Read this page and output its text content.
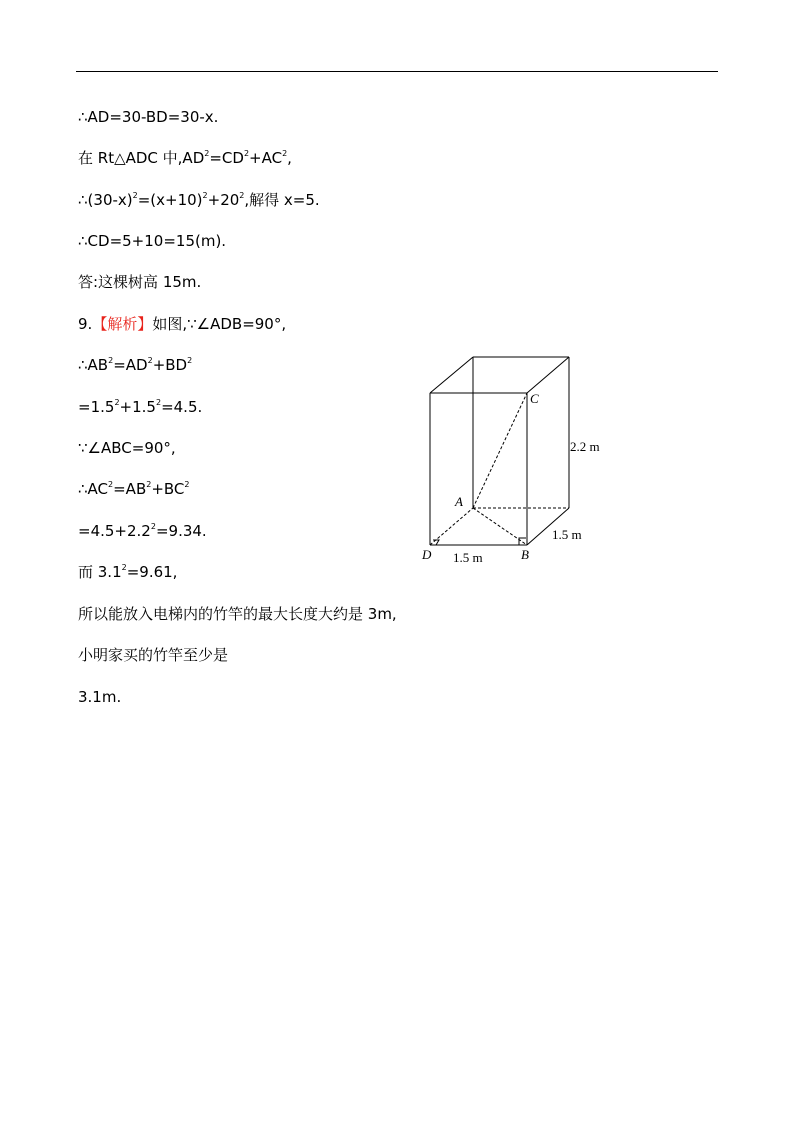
∴AD=30-BD=30-x.
在 Rt△ADC 中$,AD^2=CD^2+AC^2$,
$\therefore(30-x)^2=(x+10)^2+20^2$,解得 x=5.
∴CD=5+10=15(m).
答:这棵树高 15m.
9.【解析】如图,∵∠ADB=90°,
$\therefore AB^2=AD^2+BD^2$
$=1.5^2+1.5^2=4.5$.
∵∠ABC=90°,
$\therefore AC^2=AB^2+BC^2$
$=4.5+2.2^2=9.34$.
而 $3.1^2=9.61$,
所以能放入电梯内的竹竿的最大长度大约是 3m,
小明家买的竹竿至少是
3.1m.
C
A
D	B
2.2 m
1.5 m
1.5 m
